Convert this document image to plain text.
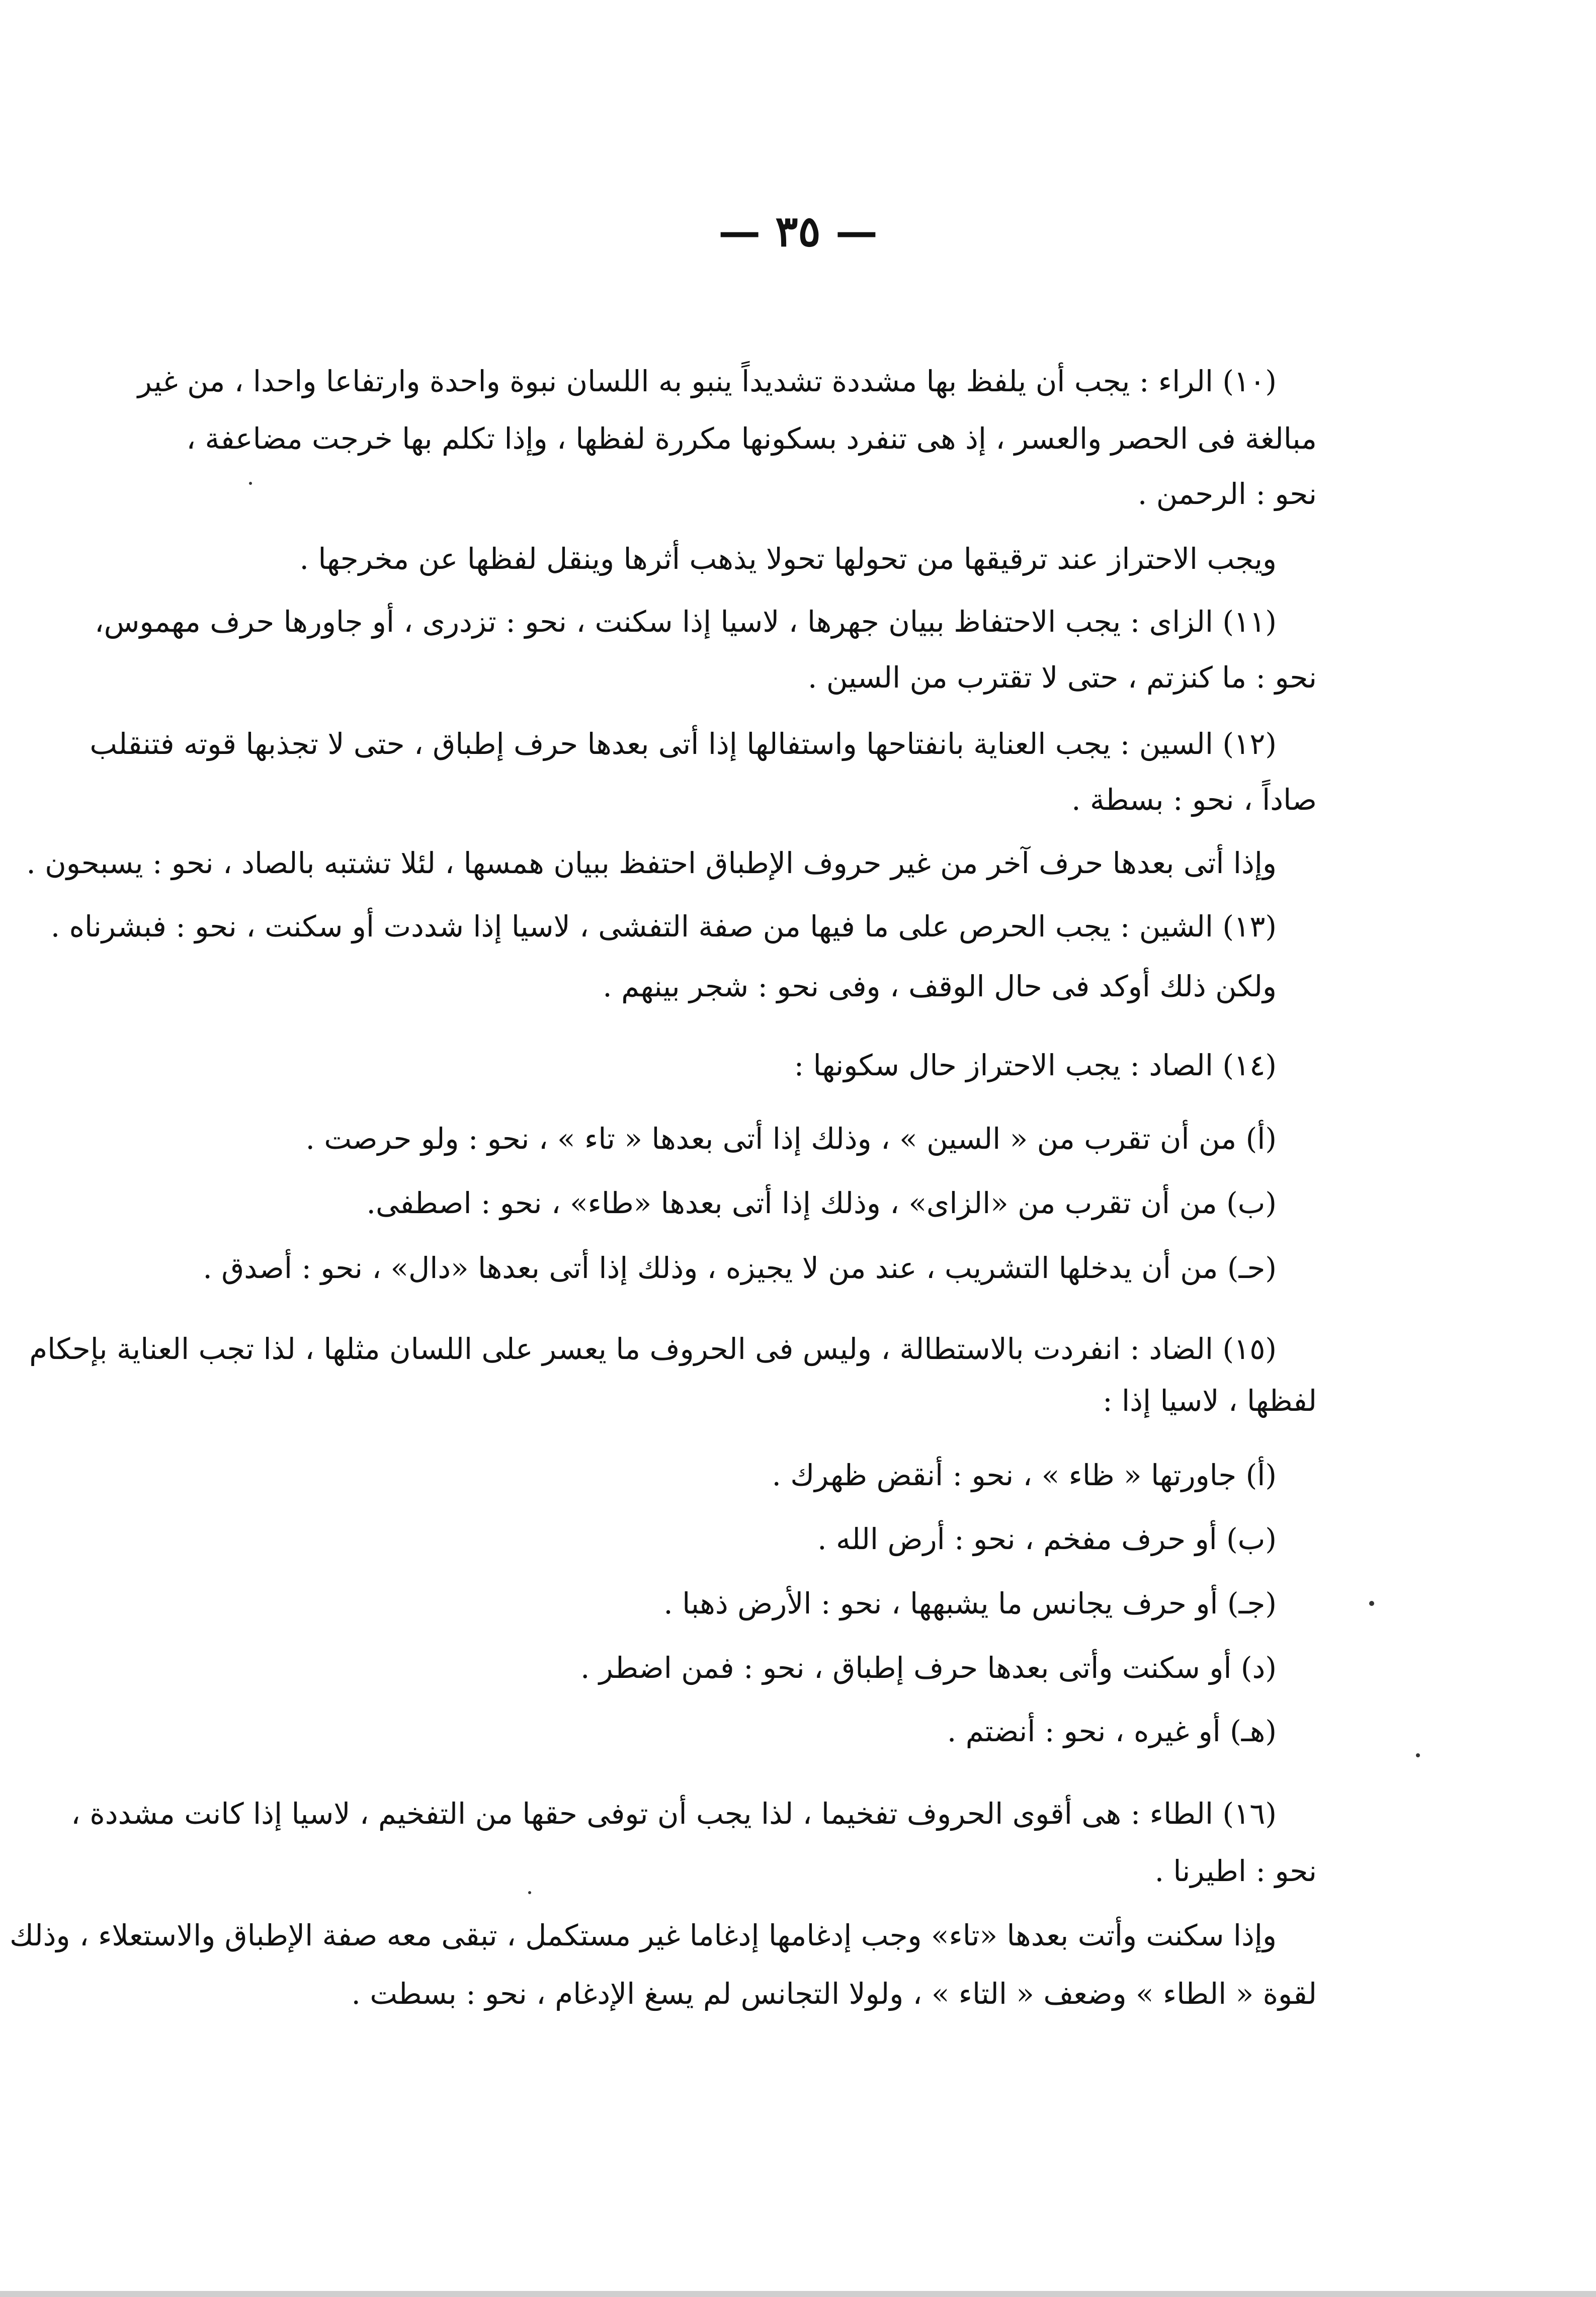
— ٣٥ —
(١٠) الراء : يجب أن يلفظ بها مشددة تشديداً ينبو به اللسان نبوة واحدة وارتفاعا واحدا ، من غير
مبالغة فى الحصر والعسر ، إذ هى تنفرد بسكونها مكررة لفظها ، وإذا تكلم بها خرجت مضاعفة ،
نحو : الرحمن .
ويجب الاحتراز عند ترقيقها من تحولها تحولا يذهب أثرها وينقل لفظها عن مخرجها .
(١١) الزاى : يجب الاحتفاظ ببيان جهرها ، لاسيا إذا سكنت ، نحو : تزدرى ، أو جاورها حرف مهموس،
نحو : ما كنزتم ، حتى لا تقترب من السين .
(١٢) السين : يجب العناية بانفتاحها واستفالها إذا أتى بعدها حرف إطباق ، حتى لا تجذبها قوته فتنقلب
صاداً ، نحو : بسطة .
وإذا أتى بعدها حرف آخر من غير حروف الإطباق احتفظ ببيان همسها ، لئلا تشتبه بالصاد ، نحو : يسبحون .
(١٣) الشين : يجب الحرص على ما فيها من صفة التفشى ، لاسيا إذا شددت أو سكنت ، نحو : فبشرناه .
ولكن ذلك أوكد فى حال الوقف ، وفى نحو : شجر بينهم .
(١٤) الصاد : يجب الاحتراز حال سكونها :
(أ) من أن تقرب من « السين » ، وذلك إذا أتى بعدها « تاء » ، نحو : ولو حرصت .
(ب) من أن تقرب من «الزاى» ، وذلك إذا أتى بعدها «طاء» ، نحو : اصطفى.
(حـ) من أن يدخلها التشريب ، عند من لا يجيزه ، وذلك إذا أتى بعدها «دال» ، نحو : أصدق .
(١٥) الضاد : انفردت بالاستطالة ، وليس فى الحروف ما يعسر على اللسان مثلها ، لذا تجب العناية بإحكام
لفظها ، لاسيا إذا :
(أ) جاورتها « ظاء » ، نحو : أنقض ظهرك .
(ب) أو حرف مفخم ، نحو : أرض الله .
(جـ) أو حرف يجانس ما يشبهها ، نحو : الأرض ذهبا .
(د) أو سكنت وأتى بعدها حرف إطباق ، نحو : فمن اضطر .
(هـ) أو غيره ، نحو : أنضتم .
(١٦) الطاء : هى أقوى الحروف تفخيما ، لذا يجب أن توفى حقها من التفخيم ، لاسيا إذا كانت مشددة ،
نحو : اطيرنا .
وإذا سكنت وأتت بعدها «تاء» وجب إدغامها إدغاما غير مستكمل ، تبقى معه صفة الإطباق والاستعلاء ، وذلك
لقوة « الطاء » وضعف « التاء » ، ولولا التجانس لم يسغ الإدغام ، نحو : بسطت .
